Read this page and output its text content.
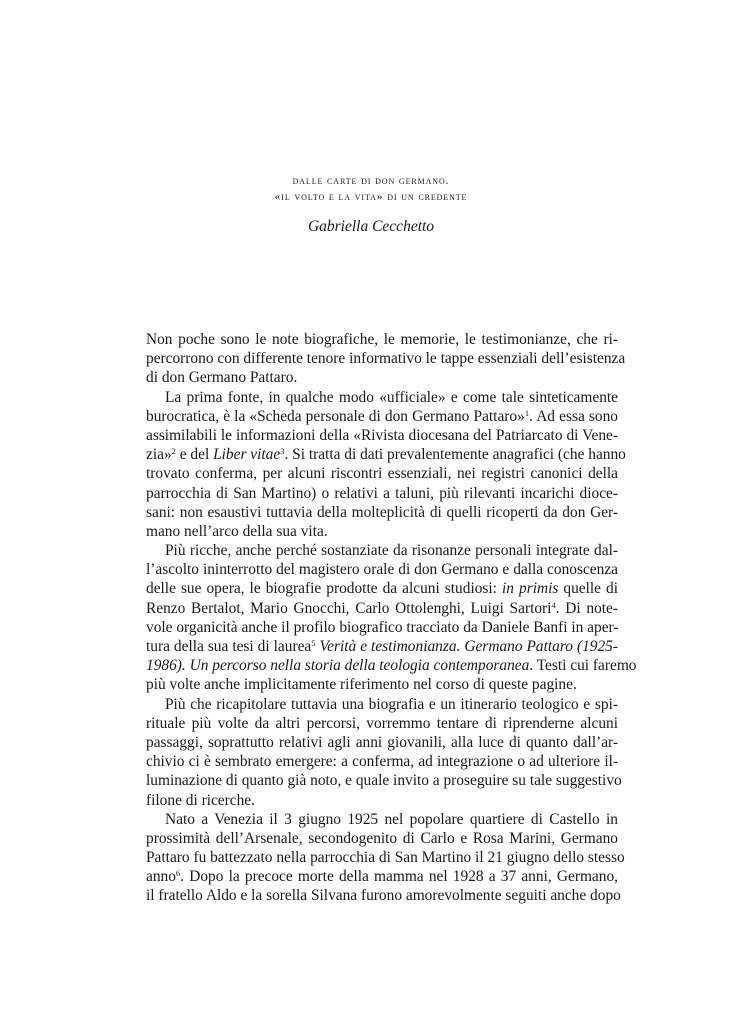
dalle carte di don germano.
«il volto e la vita» di un credente
Gabriella Cecchetto
Non poche sono le note biografiche, le memorie, le testimonianze, che ri-
percorrono con differente tenore informativo le tappe essenziali dell’esistenza
di don Germano Pattaro.
La prima fonte, in qualche modo «ufficiale» e come tale sinteticamente
burocratica, è la «Scheda personale di don Germano Pattaro»$^1$. Ad essa sono
assimilabili le informazioni della «Rivista diocesana del Patriarcato di Vene-
zia»$^2$ e del Liber vitae$^3$. Si tratta di dati prevalentemente anagrafici (che hanno
trovato conferma, per alcuni riscontri essenziali, nei registri canonici della
parrocchia di San Martino) o relativi a taluni, più rilevanti incarichi dioce-
sani: non esaustivi tuttavia della molteplicità di quelli ricoperti da don Ger-
mano nell’arco della sua vita.
Più ricche, anche perché sostanziate da risonanze personali integrate dal-
l’ascolto ininterrotto del magistero orale di don Germano e dalla conoscenza
delle sue opera, le biografie prodotte da alcuni studiosi: in primis quelle di
Renzo Bertalot, Mario Gnocchi, Carlo Ottolenghi, Luigi Sartori$^4$. Di note-
vole organicità anche il profilo biografico tracciato da Daniele Banfi in aper-
tura della sua tesi di laurea$^5$ Verità e testimonianza. Germano Pattaro (1925-
1986). Un percorso nella storia della teologia contemporanea. Testi cui faremo
più volte anche implicitamente riferimento nel corso di queste pagine.
Più che ricapitolare tuttavia una biografia e un itinerario teologico e spi-
rituale più volte da altri percorsi, vorremmo tentare di riprenderne alcuni
passaggi, soprattutto relativi agli anni giovanili, alla luce di quanto dall’ar-
chivio ci è sembrato emergere: a conferma, ad integrazione o ad ulteriore il-
luminazione di quanto già noto, e quale invito a proseguire su tale suggestivo
filone di ricerche.
Nato a Venezia il 3 giugno 1925 nel popolare quartiere di Castello in
prossimità dell’Arsenale, secondogenito di Carlo e Rosa Marini, Germano
Pattaro fu battezzato nella parrocchia di San Martino il 21 giugno dello stesso
anno$^6$. Dopo la precoce morte della mamma nel 1928 a 37 anni, Germano,
il fratello Aldo e la sorella Silvana furono amorevolmente seguiti anche dopo
